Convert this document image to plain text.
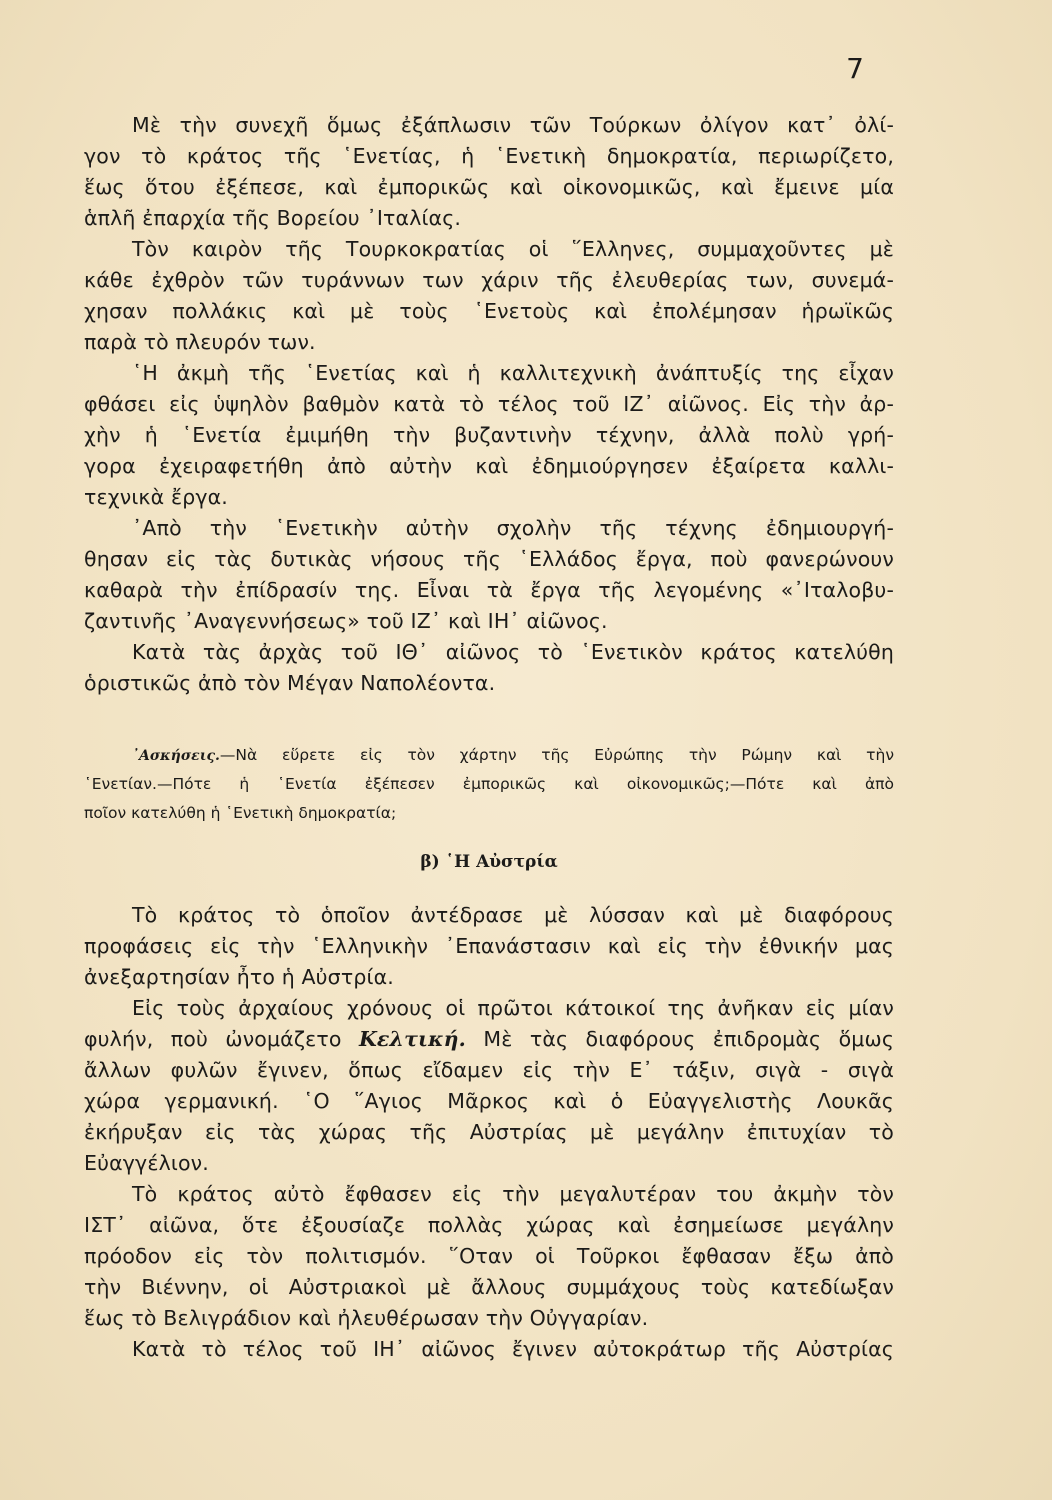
7
Μὲ τὴν συνεχῆ ὅμως ἐξάπλωσιν τῶν Τούρκων ὀλίγον κατ᾽ ὀλί-
γον τὸ κράτος τῆς ῾Ενετίας, ἡ ῾Ενετικὴ δημοκρατία, περιωρίζετο,
ἕως ὅτου ἐξέπεσε, καὶ ἐμπορικῶς καὶ οἰκονομικῶς, καὶ ἔμεινε μία
ἁπλῆ ἐπαρχία τῆς Βορείου ᾽Ιταλίας.
Τὸν καιρὸν τῆς Τουρκοκρατίας οἱ ῞Ελληνες, συμμαχοῦντες μὲ
κάθε ἐχθρὸν τῶν τυράννων των χάριν τῆς ἐλευθερίας των, συνεμά-
χησαν πολλάκις καὶ μὲ τοὺς ῾Ενετοὺς καὶ ἐπολέμησαν ἡρωϊκῶς
παρὰ τὸ πλευρόν των.
῾Η ἀκμὴ τῆς ῾Ενετίας καὶ ἡ καλλιτεχνικὴ ἀνάπτυξίς της εἶχαν
φθάσει εἰς ὑψηλὸν βαθμὸν κατὰ τὸ τέλος τοῦ ΙΖ᾽ αἰῶνος. Εἰς τὴν ἀρ-
χὴν ἡ ῾Ενετία ἐμιμήθη τὴν βυζαντινὴν τέχνην, ἀλλὰ πολὺ γρή-
γορα ἐχειραφετήθη ἀπὸ αὐτὴν καὶ ἐδημιούργησεν ἐξαίρετα καλλι-
τεχνικὰ ἔργα.
᾽Απὸ τὴν ῾Ενετικὴν αὐτὴν σχολὴν τῆς τέχνης ἐδημιουργή-
θησαν εἰς τὰς δυτικὰς νήσους τῆς ῾Ελλάδος ἔργα, ποὺ φανερώνουν
καθαρὰ τὴν ἐπίδρασίν της. Εἶναι τὰ ἔργα τῆς λεγομένης «᾽Ιταλοβυ-
ζαντινῆς ᾽Αναγεννήσεως» τοῦ ΙΖ᾽ καὶ ΙΗ᾽ αἰῶνος.
Κατὰ τὰς ἀρχὰς τοῦ ΙΘ᾽ αἰῶνος τὸ ῾Ενετικὸν κράτος κατελύθη
ὁριστικῶς ἀπὸ τὸν Μέγαν Ναπολέοντα.
᾽Ασκήσεις.—Νὰ εὕρετε εἰς τὸν χάρτην τῆς Εὐρώπης τὴν Ρώμην καὶ τὴν
῾Ενετίαν.—Πότε ἡ ῾Ενετία ἐξέπεσεν ἐμπορικῶς καὶ οἰκονομικῶς;—Πότε καὶ ἀπὸ
ποῖον κατελύθη ἡ ῾Ενετικὴ δημοκρατία;
β) ῾Η Αὐστρία
Τὸ κράτος τὸ ὁποῖον ἀντέδρασε μὲ λύσσαν καὶ μὲ διαφόρους
προφάσεις εἰς τὴν ῾Ελληνικὴν ᾽Επανάστασιν καὶ εἰς τὴν ἐθνικήν μας
ἀνεξαρτησίαν ἦτο ἡ Αὐστρία.
Εἰς τοὺς ἀρχαίους χρόνους οἱ πρῶτοι κάτοικοί της ἀνῆκαν εἰς μίαν
φυλήν, ποὺ ὠνομάζετο Κελτική. Μὲ τὰς διαφόρους ἐπιδρομὰς ὅμως
ἄλλων φυλῶν ἔγινεν, ὅπως εἴδαμεν εἰς τὴν Ε᾽ τάξιν, σιγὰ - σιγὰ
χώρα γερμανική. ῾Ο ῞Αγιος Μᾶρκος καὶ ὁ Εὐαγγελιστὴς Λουκᾶς
ἐκήρυξαν εἰς τὰς χώρας τῆς Αὐστρίας μὲ μεγάλην ἐπιτυχίαν τὸ
Εὐαγγέλιον.
Τὸ κράτος αὐτὸ ἔφθασεν εἰς τὴν μεγαλυτέραν του ἀκμὴν τὸν
ΙΣΤ᾽ αἰῶνα, ὅτε ἐξουσίαζε πολλὰς χώρας καὶ ἐσημείωσε μεγάλην
πρόοδον εἰς τὸν πολιτισμόν. ῞Οταν οἱ Τοῦρκοι ἔφθασαν ἔξω ἀπὸ
τὴν Βιέννην, οἱ Αὐστριακοὶ μὲ ἄλλους συμμάχους τοὺς κατεδίωξαν
ἕως τὸ Βελιγράδιον καὶ ἠλευθέρωσαν τὴν Οὐγγαρίαν.
Κατὰ τὸ τέλος τοῦ ΙΗ᾽ αἰῶνος ἔγινεν αὐτοκράτωρ τῆς Αὐστρίας
